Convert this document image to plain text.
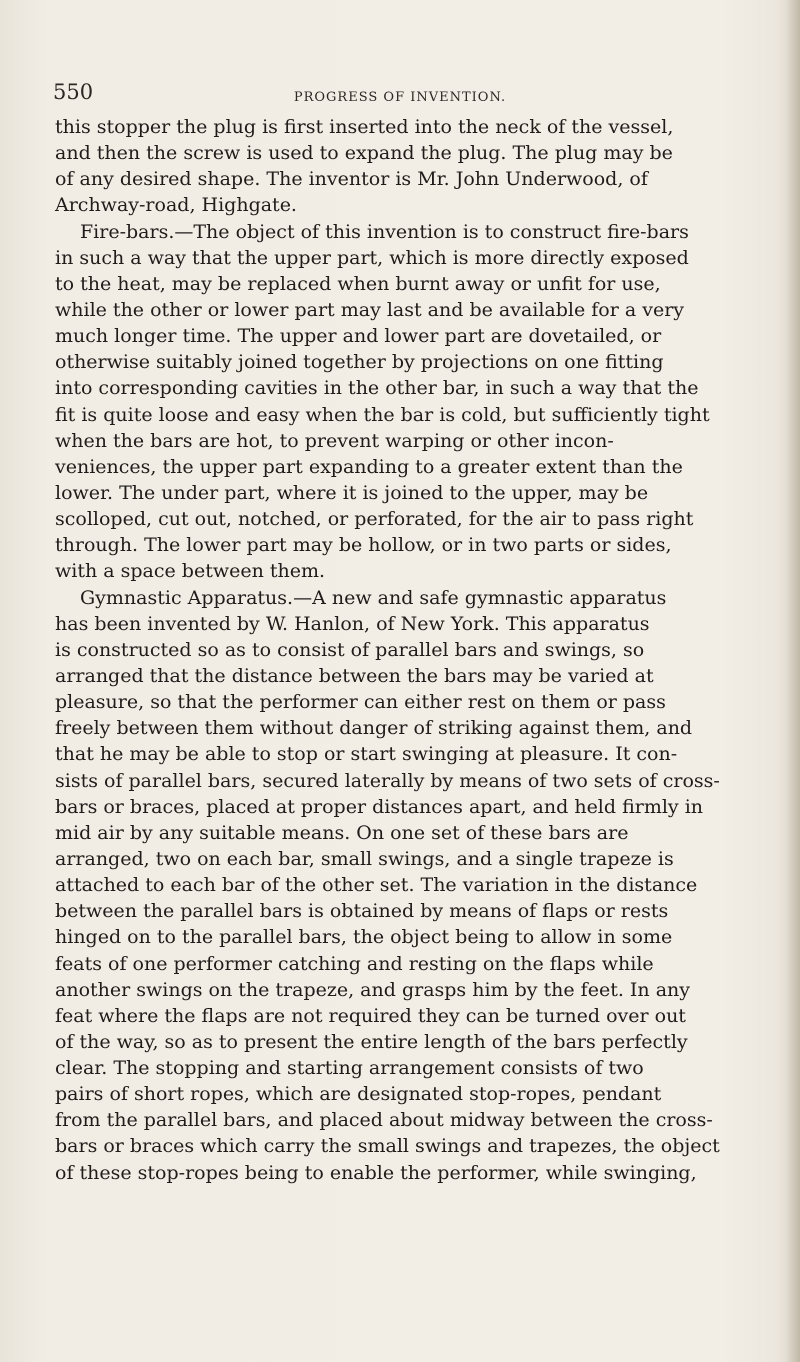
550	PROGRESS OF INVENTION.

this stopper the plug is first inserted into the neck of the vessel,

and then the screw is used to expand the plug. The plug may be

of any desired shape. The inventor is Mr. John Underwood, of

Archway-road, Highgate.

Fire-bars.—The object of this invention is to construct fire-bars

in such a way that the upper part, which is more directly exposed

to the heat, may be replaced when burnt away or unfit for use,

while the other or lower part may last and be available for a very

much longer time. The upper and lower part are dovetailed, or

otherwise suitably joined together by projections on one fitting

into corresponding cavities in the other bar, in such a way that the

fit is quite loose and easy when the bar is cold, but sufficiently tight

when the bars are hot, to prevent warping or other incon-

veniences, the upper part expanding to a greater extent than the

lower. The under part, where it is joined to the upper, may be

scolloped, cut out, notched, or perforated, for the air to pass right

through. The lower part may be hollow, or in two parts or sides,

with a space between them.

Gymnastic Apparatus.—A new and safe gymnastic apparatus

has been invented by W. Hanlon, of New York. This apparatus

is constructed so as to consist of parallel bars and swings, so

arranged that the distance between the bars may be varied at

pleasure, so that the performer can either rest on them or pass

freely between them without danger of striking against them, and

that he may be able to stop or start swinging at pleasure. It con-

sists of parallel bars, secured laterally by means of two sets of cross-

bars or braces, placed at proper distances apart, and held firmly in

mid air by any suitable means. On one set of these bars are

arranged, two on each bar, small swings, and a single trapeze is

attached to each bar of the other set. The variation in the distance

between the parallel bars is obtained by means of flaps or rests

hinged on to the parallel bars, the object being to allow in some

feats of one performer catching and resting on the flaps while

another swings on the trapeze, and grasps him by the feet. In any

feat where the flaps are not required they can be turned over out

of the way, so as to present the entire length of the bars perfectly

clear. The stopping and starting arrangement consists of two

pairs of short ropes, which are designated stop-ropes, pendant

from the parallel bars, and placed about midway between the cross-

bars or braces which carry the small swings and trapezes, the object

of these stop-ropes being to enable the performer, while swinging,
